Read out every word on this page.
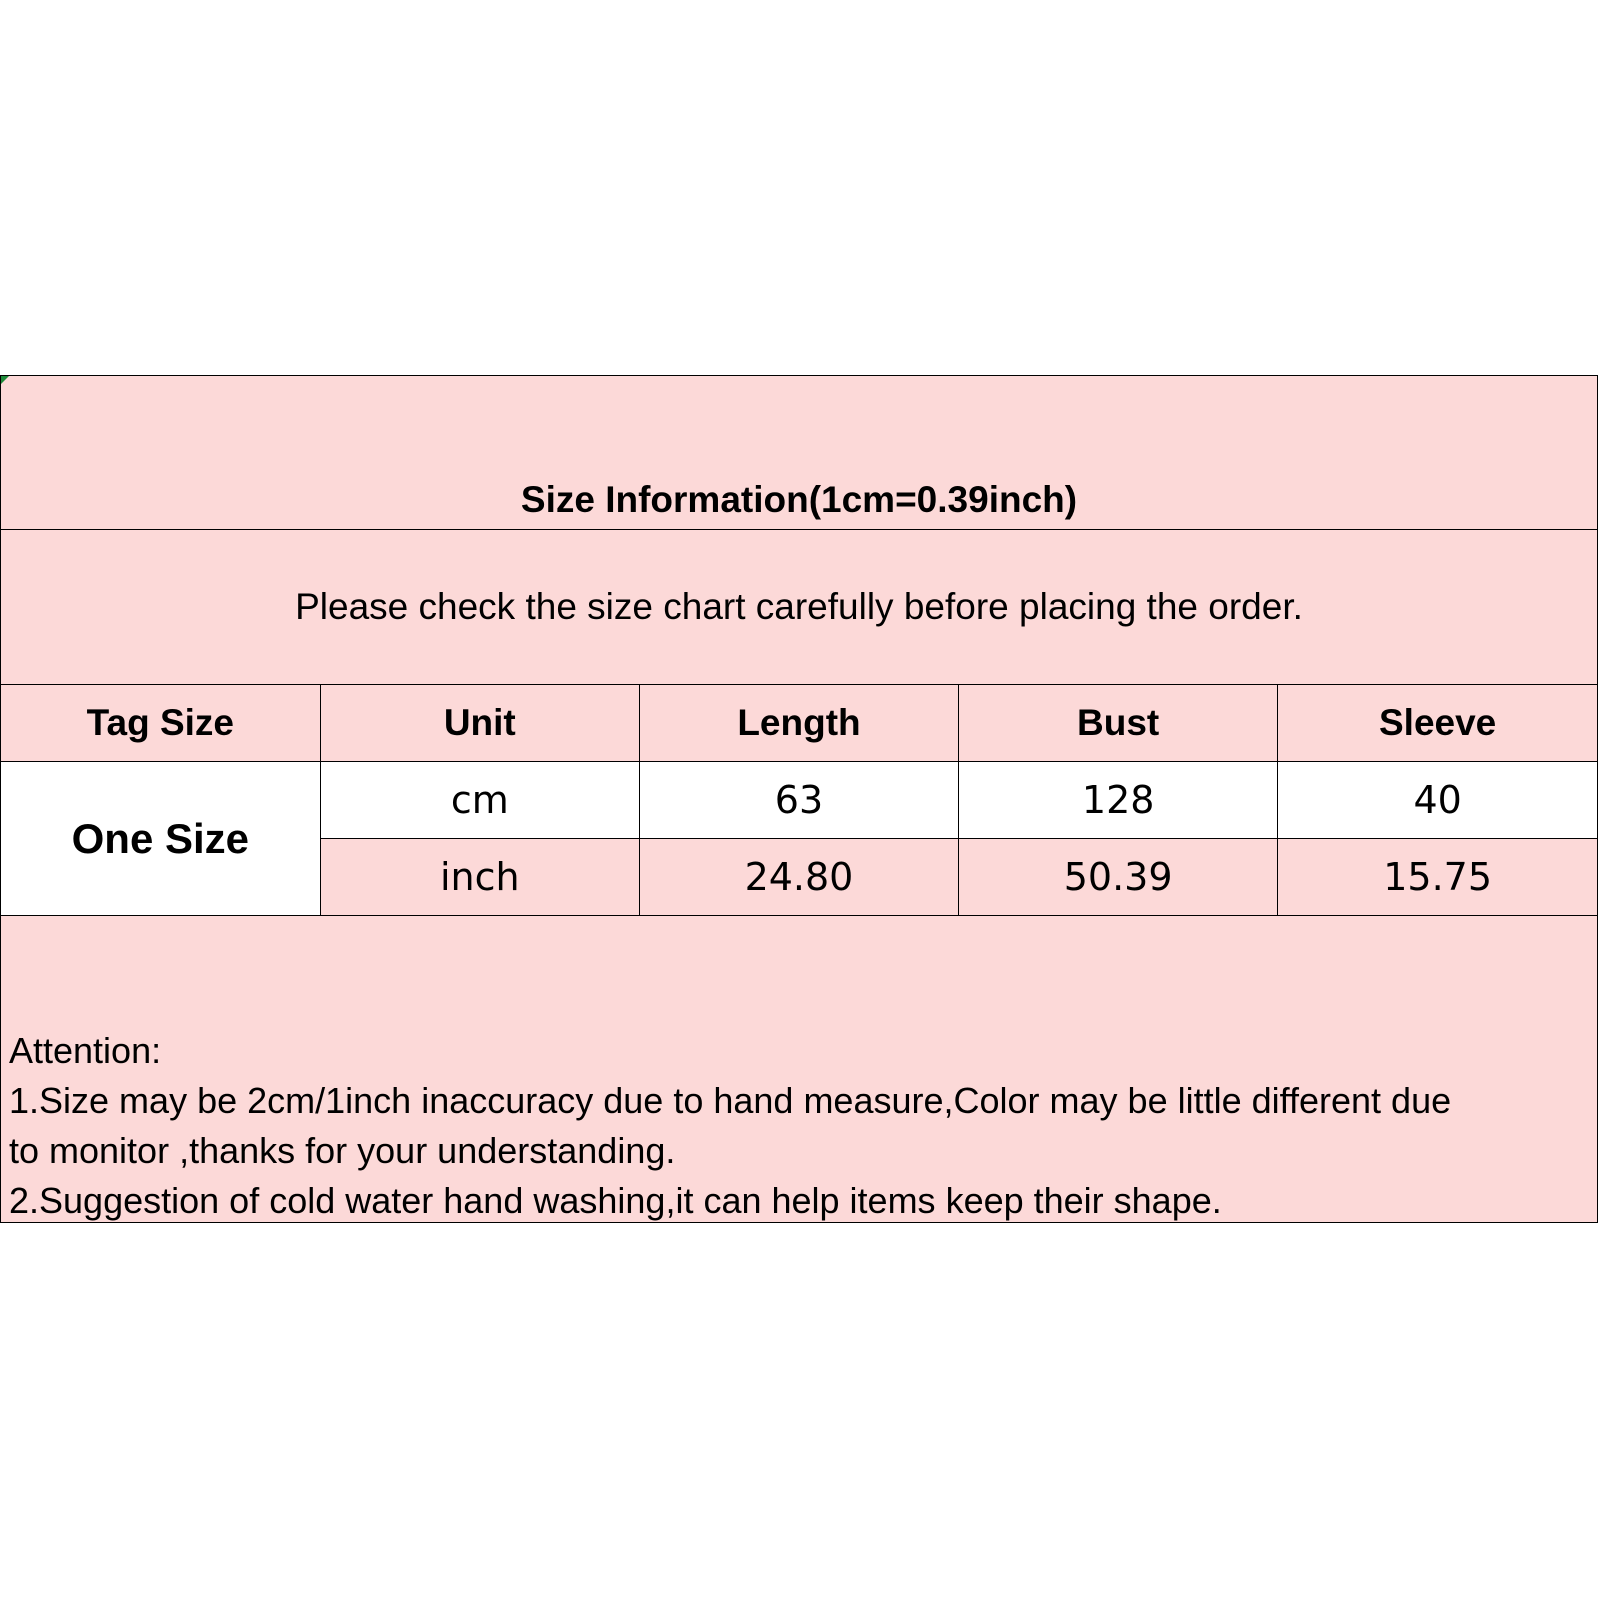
Size Information(1cm=0.39inch)
Please check the size chart carefully before placing the order.
Tag Size	Unit	Length	Bust	Sleeve
One Size	cm	63	128	40
	inch	24.80	50.39	15.75
Attention:
1.Size may be 2cm/1inch inaccuracy due to hand measure,Color may be little different due
to monitor ,thanks for your understanding.
2.Suggestion of cold water hand washing,it can help items keep their shape.
